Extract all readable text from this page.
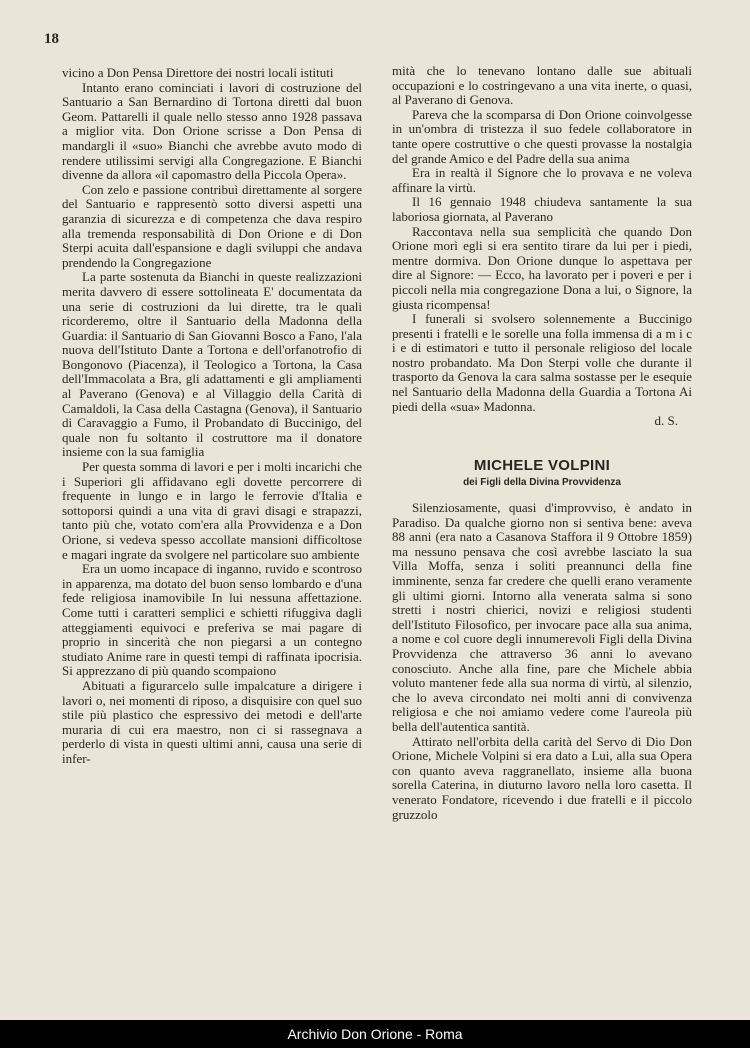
18

vicino a Don Pensa Direttore dei nostri locali istituti

Intanto erano cominciati i lavori di costruzione del Santuario a San Bernardino di Tortona diretti dal buon Geom. Pattarelli il quale nello stesso anno 1928 passava a miglior vita. Don Orione scrisse a Don Pensa di mandargli il «suo» Bianchi che avrebbe avuto modo di rendere utilissimi servigi alla Congregazione. E Bianchi divenne da allora «il capomastro della Piccola Opera».

Con zelo e passione contribuì direttamente al sorgere del Santuario e rappresentò sotto diversi aspetti una garanzia di sicurezza e di competenza che dava respiro alla tremenda responsabilità di Don Orione e di Don Sterpi acuita dall'espansione e dagli sviluppi che andava prendendo la Congregazione

La parte sostenuta da Bianchi in queste realizzazioni merita davvero di essere sottolineata E' documentata da una serie di costruzioni da lui dirette, tra le quali ricorderemo, oltre il Santuario della Madonna della Guardia: il Santuario di San Giovanni Bosco a Fano, l'ala nuova dell'Istituto Dante a Tortona e dell'orfanotrofio di Bongonovo (Piacenza), il Teologico a Tortona, la Casa dell'Immacolata a Bra, gli adattamenti e gli ampliamenti al Paverano (Genova) e al Villaggio della Carità di Camaldoli, la Casa della Castagna (Genova), il Santuario di Caravaggio a Fumo, il Probandato di Buccinigo, del quale non fu soltanto il costruttore ma il donatore insieme con la sua famiglia

Per questa somma di lavori e per i molti incarichi che i Superiori gli affidavano egli dovette percorrere di frequente in lungo e in largo le ferrovie d'Italia e sottoporsi quindi a una vita di gravi disagi e strapazzi, tanto più che, votato com'era alla Provvidenza e a Don Orione, si vedeva spesso accollate mansioni difficoltose e magari ingrate da svolgere nel particolare suo ambiente

Era un uomo incapace di inganno, ruvido e scontroso in apparenza, ma dotato del buon senso lombardo e d'una fede religiosa inamovibile In lui nessuna affettazione. Come tutti i caratteri semplici e schietti rifuggiva dagli atteggiamenti equivoci e preferiva se mai pagare di proprio in sincerità che non piegarsi a un contegno studiato Anime rare in questi tempi di raffinata ipocrisia. Si apprezzano di più quando scompaiono

Abituati a figurarcelo sulle impalcature a dirigere i lavori o, nei momenti di riposo, a disquisire con quel suo stile più plastico che espressivo dei metodi e dell'arte muraria di cui era maestro, non ci si rassegnava a perderlo di vista in questi ultimi anni, causa una serie di infer-

mità che lo tenevano lontano dalle sue abituali occupazioni e lo costringevano a una vita inerte, o quasi, al Paverano di Genova.

Pareva che la scomparsa di Don Orione coinvolgesse in un'ombra di tristezza il suo fedele collaboratore in tante opere costruttive o che questi provasse la nostalgia del grande Amico e del Padre della sua anima

Era in realtà il Signore che lo provava e ne voleva affinare la virtù.

Il 16 gennaio 1948 chiudeva santamente la sua laboriosa giornata, al Paverano

Raccontava nella sua semplicità che quando Don Orione morì egli si era sentito tirare da lui per i piedi, mentre dormiva. Don Orione dunque lo aspettava per dire al Signore: — Ecco, ha lavorato per i poveri e per i piccoli nella mia congregazione Dona a lui, o Signore, la giusta ricompensa!

I funerali si svolsero solennemente a Buccinigo presenti i fratelli e le sorelle una folla immensa di a m i c i e di estimatori e tutto il personale religioso del locale nostro probandato. Ma Don Sterpi volle che durante il trasporto da Genova la cara salma sostasse per le esequie nel Santuario della Madonna della Guardia a Tortona Ai piedi della «sua» Madonna.

d. S.

MICHELE VOLPINI
dei Figli della Divina Provvidenza

Silenziosamente, quasi d'improvviso, è andato in Paradiso. Da qualche giorno non si sentiva bene: aveva 88 anni (era nato a Casanova Staffora il 9 Ottobre 1859) ma nessuno pensava che così avrebbe lasciato la sua Villa Moffa, senza i soliti preannunci della fine imminente, senza far credere che quelli erano veramente gli ultimi giorni. Intorno alla venerata salma si sono stretti i nostri chierici, novizi e religiosi studenti dell'Istituto Filosofico, per invocare pace alla sua anima, a nome e col cuore degli innumerevoli Figli della Divina Provvidenza che attraverso 36 anni lo avevano conosciuto. Anche alla fine, pare che Michele abbia voluto mantener fede alla sua norma di virtù, al silenzio, che lo aveva circondato nei molti anni di convivenza religiosa e che noi amiamo vedere come l'aureola più bella dell'autentica santità.

Attirato nell'orbita della carità del Servo di Dio Don Orione, Michele Volpini si era dato a Lui, alla sua Opera con quanto aveva raggranellato, insieme alla buona sorella Caterina, in diuturno lavoro nella loro casetta. Il venerato Fondatore, ricevendo i due fratelli e il piccolo gruzzolo

Archivio Don Orione - Roma
